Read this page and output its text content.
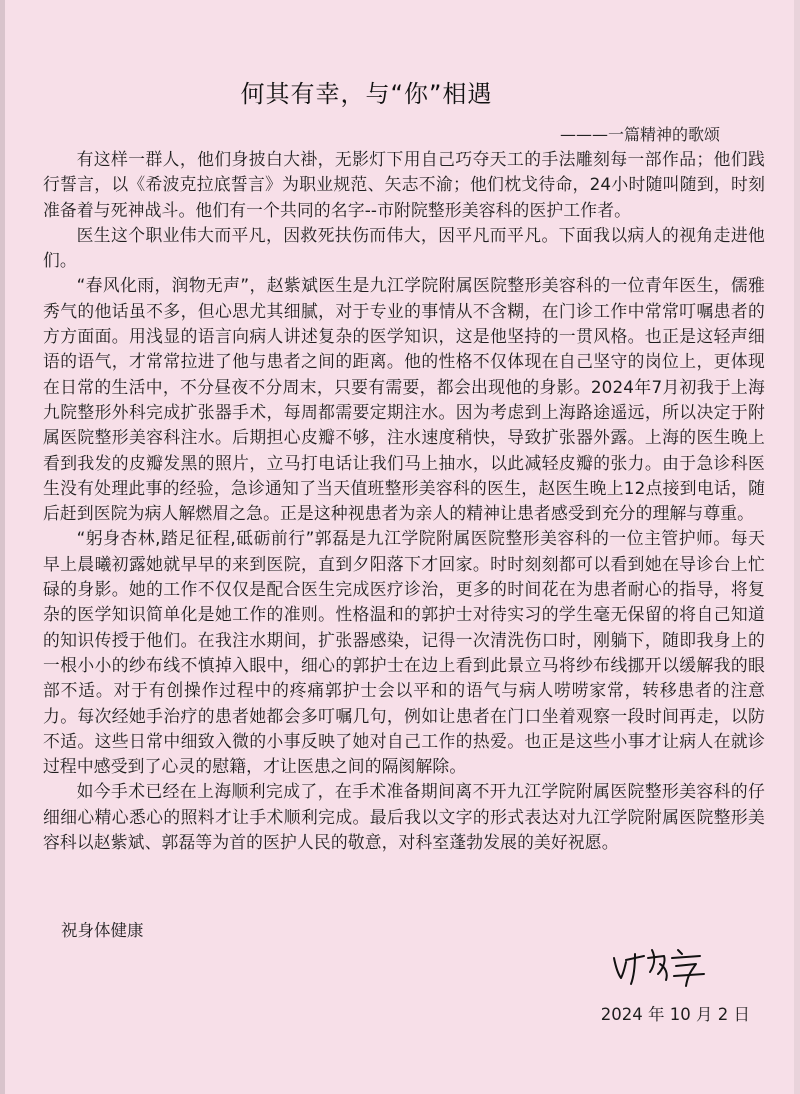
何其有幸，与“你”相遇
———一篇精神的歌颂

有这样一群人，他们身披白大褂，无影灯下用自己巧夺天工的手法雕刻每一部作品；他们践行誓言，以《希波克拉底誓言》为职业规范、矢志不渝；他们枕戈待命，24小时随叫随到，时刻准备着与死神战斗。他们有一个共同的名字--市附院整形美容科的医护工作者。

医生这个职业伟大而平凡，因救死扶伤而伟大，因平凡而平凡。下面我以病人的视角走进他们。

“春风化雨，润物无声”，赵紫斌医生是九江学院附属医院整形美容科的一位青年医生，儒雅秀气的他话虽不多，但心思尤其细腻，对于专业的事情从不含糊，在门诊工作中常常叮嘱患者的方方面面。用浅显的语言向病人讲述复杂的医学知识，这是他坚持的一贯风格。也正是这轻声细语的语气，才常常拉进了他与患者之间的距离。他的性格不仅体现在自己坚守的岗位上，更体现在日常的生活中，不分昼夜不分周末，只要有需要，都会出现他的身影。2024年7月初我于上海九院整形外科完成扩张器手术，每周都需要定期注水。因为考虑到上海路途遥远，所以决定于附属医院整形美容科注水。后期担心皮瓣不够，注水速度稍快，导致扩张器外露。上海的医生晚上看到我发的皮瓣发黑的照片，立马打电话让我们马上抽水，以此减轻皮瓣的张力。由于急诊科医生没有处理此事的经验，急诊通知了当天值班整形美容科的医生，赵医生晚上12点接到电话，随后赶到医院为病人解燃眉之急。正是这种视患者为亲人的精神让患者感受到充分的理解与尊重。

“躬身杏林,踏足征程,砥砺前行”郭磊是九江学院附属医院整形美容科的一位主管护师。每天早上晨曦初露她就早早的来到医院，直到夕阳落下才回家。时时刻刻都可以看到她在导诊台上忙碌的身影。她的工作不仅仅是配合医生完成医疗诊治，更多的时间花在为患者耐心的指导，将复杂的医学知识简单化是她工作的准则。性格温和的郭护士对待实习的学生毫无保留的将自己知道的知识传授于他们。在我注水期间，扩张器感染，记得一次清洗伤口时，刚躺下，随即我身上的一根小小的纱布线不慎掉入眼中，细心的郭护士在边上看到此景立马将纱布线挪开以缓解我的眼部不适。对于有创操作过程中的疼痛郭护士会以平和的语气与病人唠唠家常，转移患者的注意力。每次经她手治疗的患者她都会多叮嘱几句，例如让患者在门口坐着观察一段时间再走，以防不适。这些日常中细致入微的小事反映了她对自己工作的热爱。也正是这些小事才让病人在就诊过程中感受到了心灵的慰籍，才让医患之间的隔阂解除。

如今手术已经在上海顺利完成了，在手术准备期间离不开九江学院附属医院整形美容科的仔细细心精心悉心的照料才让手术顺利完成。最后我以文字的形式表达对九江学院附属医院整形美容科以赵紫斌、郭磊等为首的医护人民的敬意，对科室蓬勃发展的美好祝愿。

祝身体健康
2024 年 10 月 2 日
